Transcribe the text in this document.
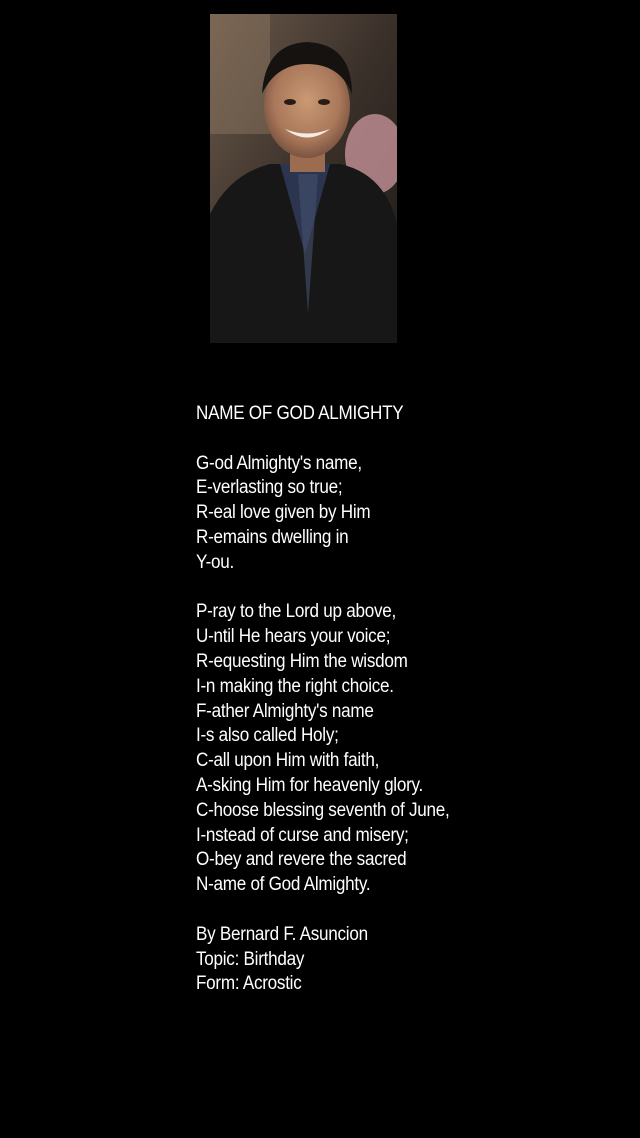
NAME OF GOD ALMIGHTY
G-od Almighty's name,
E-verlasting so true;
R-eal love given by Him
R-emains dwelling in
Y-ou.
P-ray to the Lord up above,
U-ntil He hears your voice;
R-equesting Him the wisdom
I-n making the right choice.
F-ather Almighty's name
I-s also called Holy;
C-all upon Him with faith,
A-sking Him for heavenly glory.
C-hoose blessing seventh of June,
I-nstead of curse and misery;
O-bey and revere the sacred
N-ame of God Almighty.
By Bernard F. Asuncion
Topic: Birthday
Form: Acrostic
